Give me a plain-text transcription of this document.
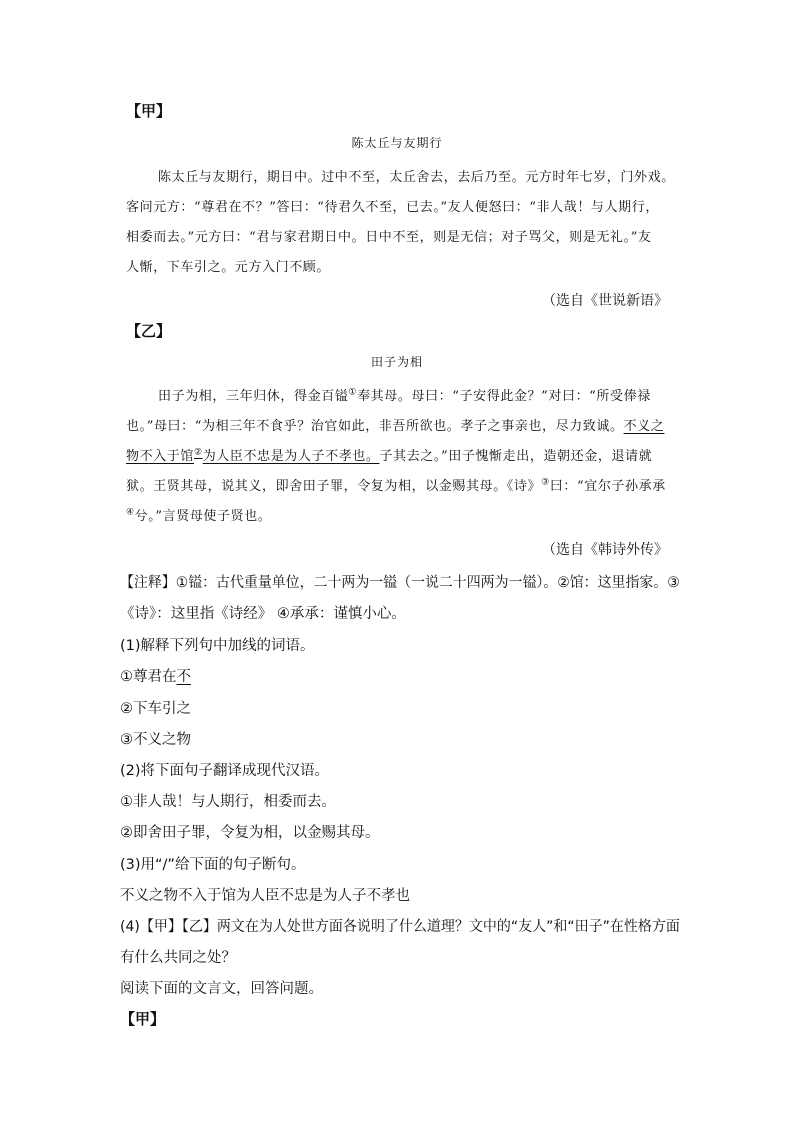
【甲】
陈太丘与友期行
陈太丘与友期行，期日中。过中不至，太丘舍去，去后乃至。元方时年七岁，门外戏。
客问元方：“尊君在不？”答曰：“待君久不至，已去。”友人便怒曰：“非人哉！与人期行，
相委而去。”元方曰：“君与家君期日中。日中不至，则是无信；对子骂父，则是无礼。”友
人惭，下车引之。元方入门不顾。
（选自《世说新语》
【乙】
田子为相
田子为相，三年归休，得金百镒①奉其母。母曰：“子安得此金？”对曰：“所受俸禄
也。”母曰：“为相三年不食乎？治官如此，非吾所欲也。孝子之事亲也，尽力致诚。不义之
物不入于馆②为人臣不忠是为人子不孝也。子其去之。”田子愧惭走出，造朝还金，退请就
狱。王贤其母，说其义，即舍田子罪，令复为相，以金赐其母。《诗》③曰：“宜尔子孙承承
④兮。”言贤母使子贤也。
（选自《韩诗外传》
【注释】①镒：古代重量单位，二十两为一镒（一说二十四两为一镒）。②馆：这里指家。③
《诗》：这里指《诗经》 ④承承：谨慎小心。
(1)解释下列句中加线的词语。
①尊君在不
②下车引之
③不义之物
(2)将下面句子翻译成现代汉语。
①非人哉！与人期行，相委而去。
②即舍田子罪，令复为相，以金赐其母。
(3)用“/”给下面的句子断句。
不义之物不入于馆为人臣不忠是为人子不孝也
(4)【甲】【乙】两文在为人处世方面各说明了什么道理？文中的“友人”和“田子”在性格方面
有什么共同之处？
阅读下面的文言文，回答问题。
【甲】
